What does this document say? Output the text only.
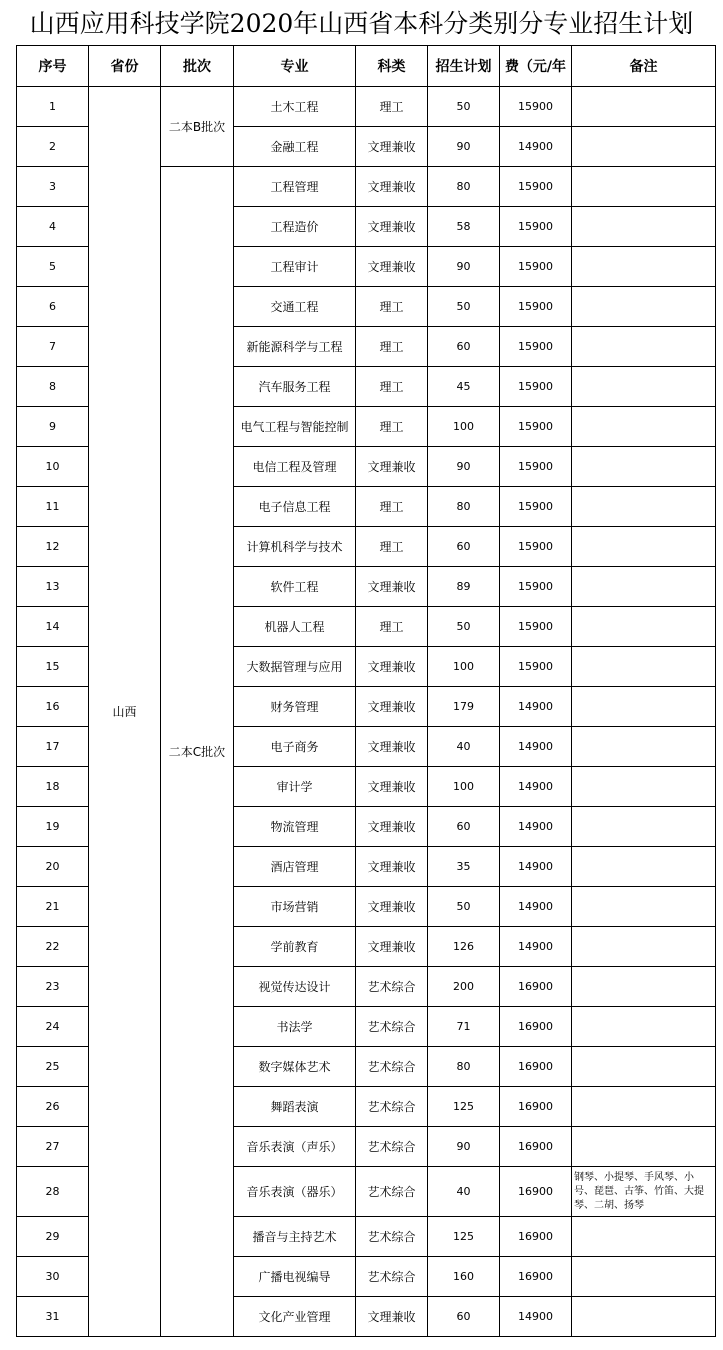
山西应用科技学院2020年山西省本科分类别分专业招生计划
序号	省份	批次	专业	科类	招生计划	费（元/年	备注
1	山西	二本B批次	土木工程	理工	50	15900	
2			金融工程	文理兼收	90	14900	
3		二本C批次	工程管理	文理兼收	80	15900	
4			工程造价	文理兼收	58	15900	
5			工程审计	文理兼收	90	15900	
6			交通工程	理工	50	15900	
7			新能源科学与工程	理工	60	15900	
8			汽车服务工程	理工	45	15900	
9			电气工程与智能控制	理工	100	15900	
10			电信工程及管理	文理兼收	90	15900	
11			电子信息工程	理工	80	15900	
12			计算机科学与技术	理工	60	15900	
13			软件工程	文理兼收	89	15900	
14			机器人工程	理工	50	15900	
15			大数据管理与应用	文理兼收	100	15900	
16			财务管理	文理兼收	179	14900	
17			电子商务	文理兼收	40	14900	
18			审计学	文理兼收	100	14900	
19			物流管理	文理兼收	60	14900	
20			酒店管理	文理兼收	35	14900	
21			市场营销	文理兼收	50	14900	
22			学前教育	文理兼收	126	14900	
23			视觉传达设计	艺术综合	200	16900	
24			书法学	艺术综合	71	16900	
25			数字媒体艺术	艺术综合	80	16900	
26			舞蹈表演	艺术综合	125	16900	
27			音乐表演（声乐）	艺术综合	90	16900	
28			音乐表演（器乐）	艺术综合	40	16900	钢琴、小提琴、手风琴、小号、琵琶、古筝、竹笛、大提琴、二胡、扬琴
29			播音与主持艺术	艺术综合	125	16900	
30			广播电视编导	艺术综合	160	16900	
31			文化产业管理	文理兼收	60	14900	
